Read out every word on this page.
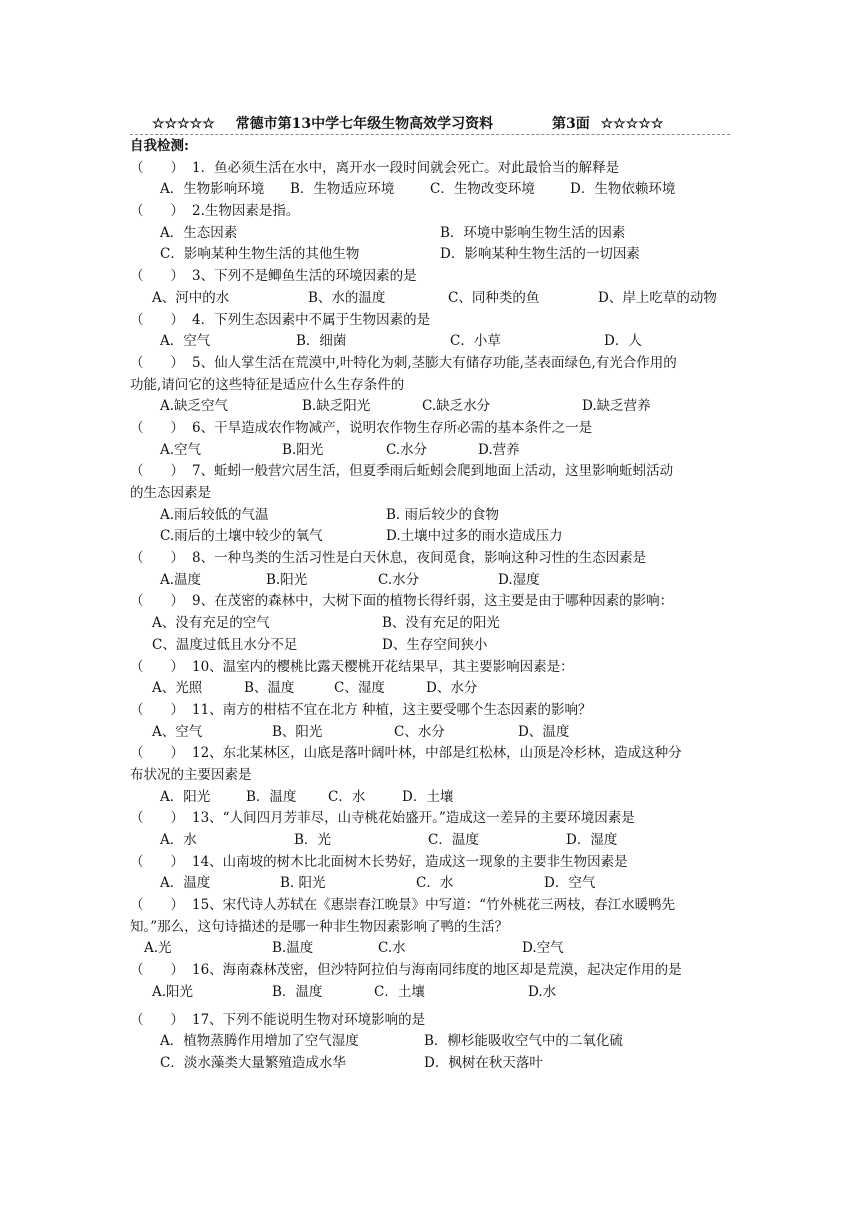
☆☆☆☆☆ 常德市第13中学七年级生物高效学习资料	第3面 ☆☆☆☆☆
自我检测:
（　　） 1．鱼必须生活在水中，离开水一段时间就会死亡。对此最恰当的解释是
A．生物影响环境 B．生物适应环境	C．生物改变环境	D．生物依赖环境
（　　） 2.生物因素是指。
A．生态因素	B．环境中影响生物生活的因素
C．影响某种生物生活的其他生物	D．影响某种生物生活的一切因素
（　　） 3、下列不是鲫鱼生活的环境因素的是
A、河中的水	B、水的温度	C、同种类的鱼	D、岸上吃草的动物
（　　） 4．下列生态因素中不属于生物因素的是
A．空气	B．细菌	C．小草	D．人
（　　） 5、仙人掌生活在荒漠中,叶特化为刺,茎膨大有储存功能,茎表面绿色,有光合作用的
功能,请问它的这些特征是适应什么生存条件的
A.缺乏空气	B.缺乏阳光	C.缺乏水分	D.缺乏营养
（　　） 6、干旱造成农作物减产，说明农作物生存所必需的基本条件之一是
A.空气	B.阳光	C.水分	D.营养
（　　） 7、蚯蚓一般营穴居生活，但夏季雨后蚯蚓会爬到地面上活动，这里影响蚯蚓活动
的生态因素是
A.雨后较低的气温	B. 雨后较少的食物
C.雨后的土壤中较少的氧气	D.土壤中过多的雨水造成压力
（　　） 8、一种鸟类的生活习性是白天休息，夜间觅食，影响这种习性的生态因素是
A.温度	B.阳光	C.水分	D.湿度
（　　） 9、在茂密的森林中，大树下面的植物长得纤弱，这主要是由于哪种因素的影响：
A、没有充足的空气	B、没有充足的阳光
C、温度过低且水分不足	D、生存空间狭小
（　　） 10、温室内的樱桃比露天樱桃开花结果早，其主要影响因素是：
A、光照	B、温度	C、湿度	D、水分
（　　） 11、南方的柑桔不宜在北方 种植，这主要受哪个生态因素的影响？
A、空气	B、阳光	C、水分	D、温度
（　　） 12、东北某林区，山底是落叶阔叶林，中部是红松林，山顶是冷杉林，造成这种分
布状况的主要因素是
A．阳光	B．温度 C．水	D．土壤
（　　） 13、“人间四月芳菲尽，山寺桃花始盛开。”造成这一差异的主要环境因素是
A．水	B．光	C．温度	D．湿度
（　　） 14、山南坡的树木比北面树木长势好，造成这一现象的主要非生物因素是
A．温度	B. 阳光	C．水	D．空气
（　　） 15、宋代诗人苏轼在《惠崇春江晚景》中写道：“竹外桃花三两枝，春江水暖鸭先
知。”那么，这句诗描述的是哪一种非生物因素影响了鸭的生活？
A.光	B.温度	C.水	D.空气
（　　） 16、海南森林茂密，但沙特阿拉伯与海南同纬度的地区却是荒漠，起决定作用的是
A.阳光	B．温度	C．土壤	D.水
（　　） 17、下列不能说明生物对环境影响的是
A．植物蒸腾作用增加了空气湿度	B．柳杉能吸收空气中的二氧化硫
C．淡水藻类大量繁殖造成水华	D．枫树在秋天落叶
